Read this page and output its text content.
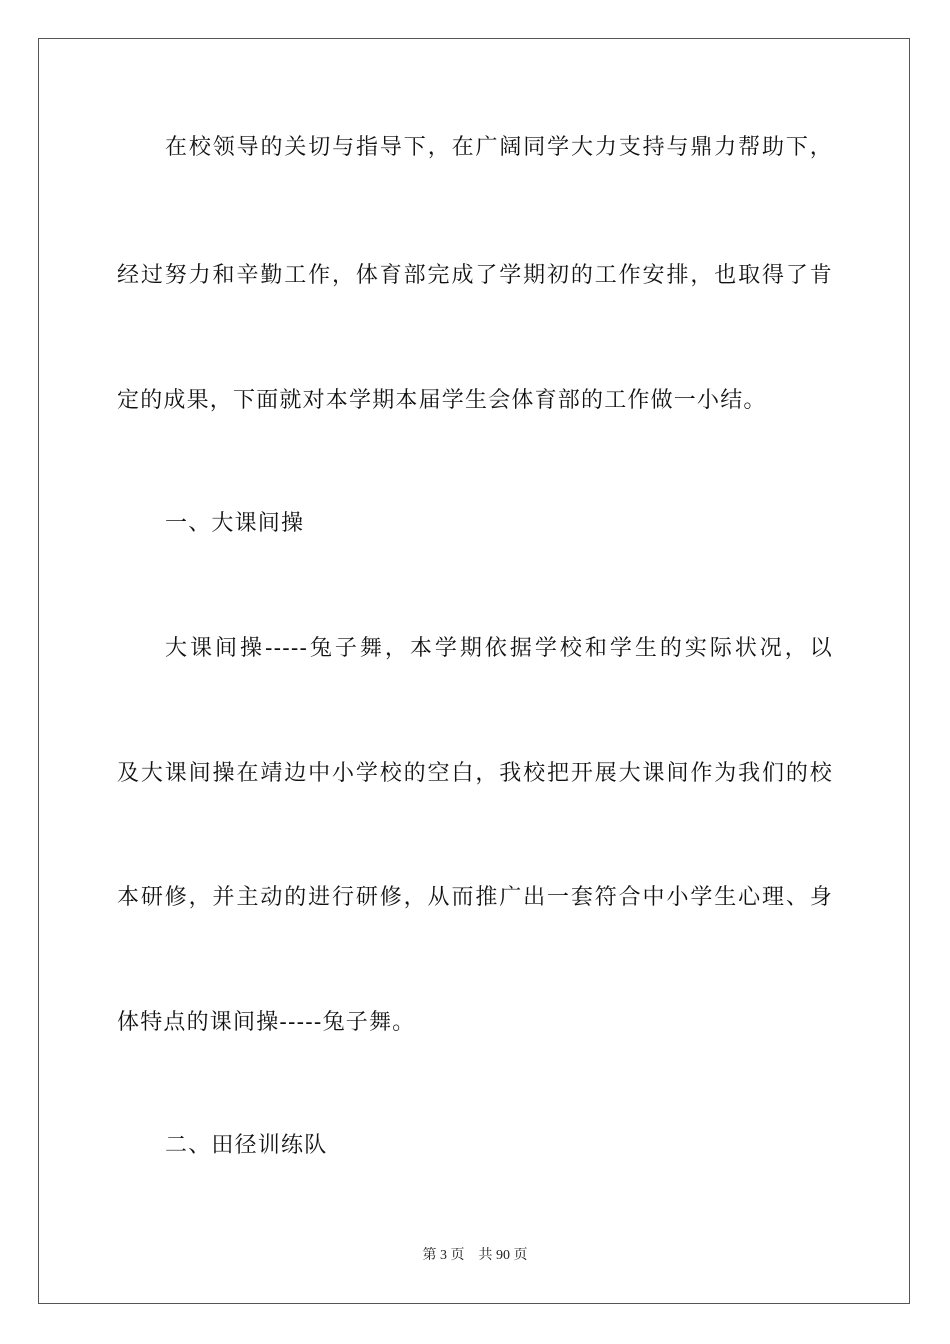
在校领导的关切与指导下，在广阔同学大力支持与鼎力帮助下，
经过努力和辛勤工作，体育部完成了学期初的工作安排，也取得了肯
定的成果，下面就对本学期本届学生会体育部的工作做一小结。
一、大课间操
大课间操-----兔子舞，本学期依据学校和学生的实际状况，以
及大课间操在靖边中小学校的空白，我校把开展大课间作为我们的校
本研修，并主动的进行研修，从而推广出一套符合中小学生心理、身
体特点的课间操-----兔子舞。
二、田径训练队
第 3 页 共 90 页
